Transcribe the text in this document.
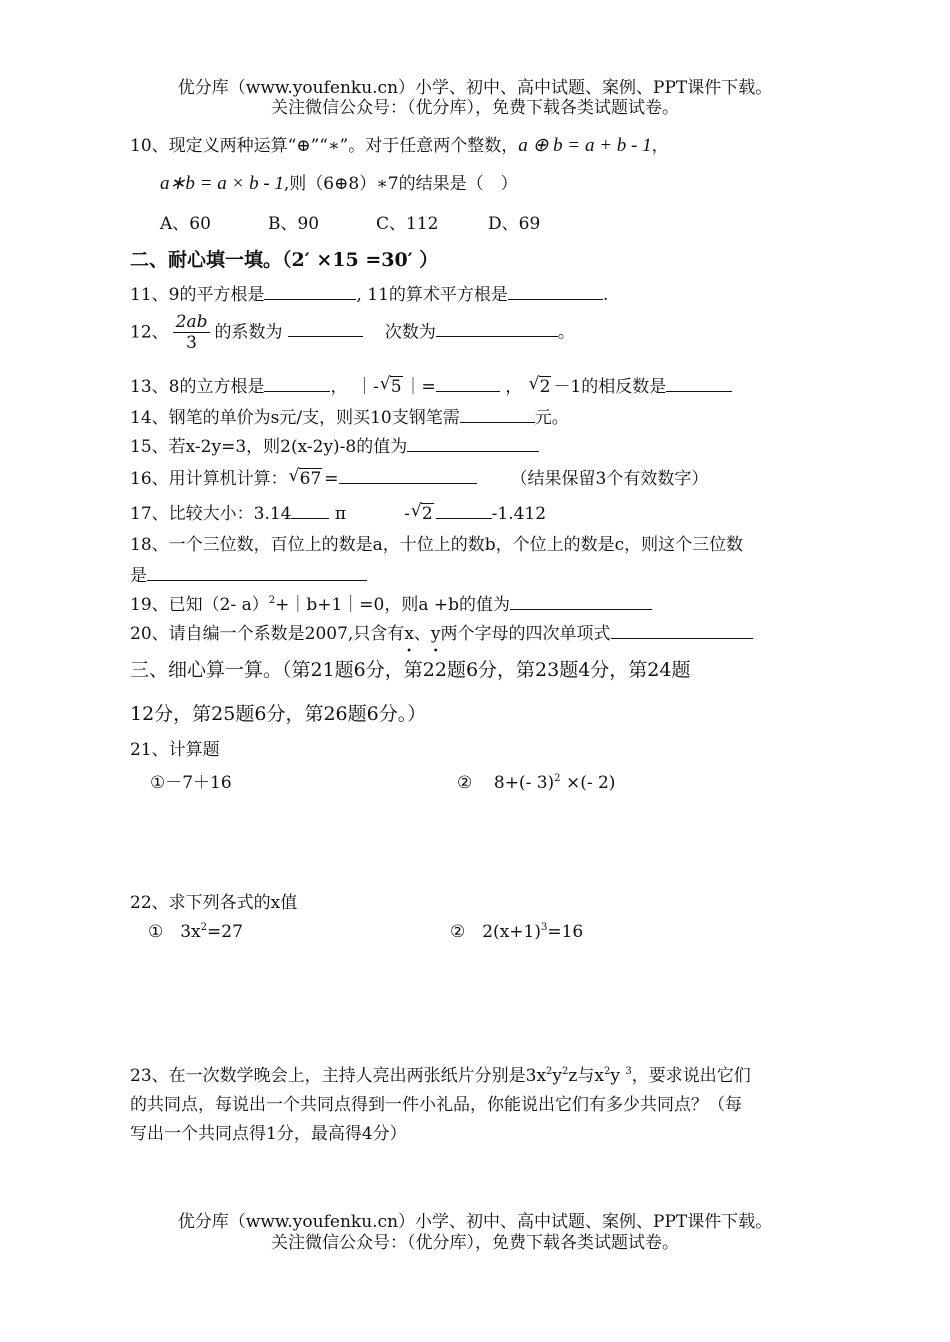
优分库（www.youfenku.cn）小学、初中、高中试题、案例、PPT课件下载。
关注微信公众号：（优分库），免费下载各类试题试卷。
10、现定义两种运算“⊕”“∗”。对于任意两个整数，a ⊕ b = a + b - 1，
a∗b = a × b - 1,则（6⊕8）∗7的结果是（　）
A、60	B、90	C、112	D、69
二、耐心填一填。（2′ ×15 =30′ ）
11、9的平方根是	, 11的算术平方根是	.
12、 $\frac{2ab}{3}$ 的系数为	次数为	。
13、8的立方根是	，　｜- √ 5 ｜=	， √ 2 －1的相反数是
14、钢笔的单价为s元/支，则买10支钢笔需	元。
15、若x-2y=3，则2(x-2y)-8的值为
16、用计算机计算： √ 67 =	（结果保留3个有效数字）
17、比较大小：3.14	π	- √ 2	-1.412
18、一个三位数，百位上的数是a，十位上的数b，个位上的数是c，则这个三位数
是
19、已知（2- a）$^2$+｜b+1｜=0，则a +b的值为
20、请自编一个系数是2007,只含有x •、y •两个字母的四次单项式
三、细心算一算。（第21题6分，第22题6分，第23题4分，第24题
12分，第25题6分，第26题6分。）
21、计算题
①－7＋16	② 8+(- 3)$^2$ ×(- 2)
22、求下列各式的x值
①　$3x^2=27$	②　$2(x+1)^3=16$
23、在一次数学晚会上，主持人亮出两张纸片分别是$3x^2y^2z$与$x^2y$ $^3$，要求说出它们
的共同点，每说出一个共同点得到一件小礼品，你能说出它们有多少共同点？（每
写出一个共同点得1分，最高得4分）
优分库（www.youfenku.cn）小学、初中、高中试题、案例、PPT课件下载。
关注微信公众号：（优分库），免费下载各类试题试卷。
